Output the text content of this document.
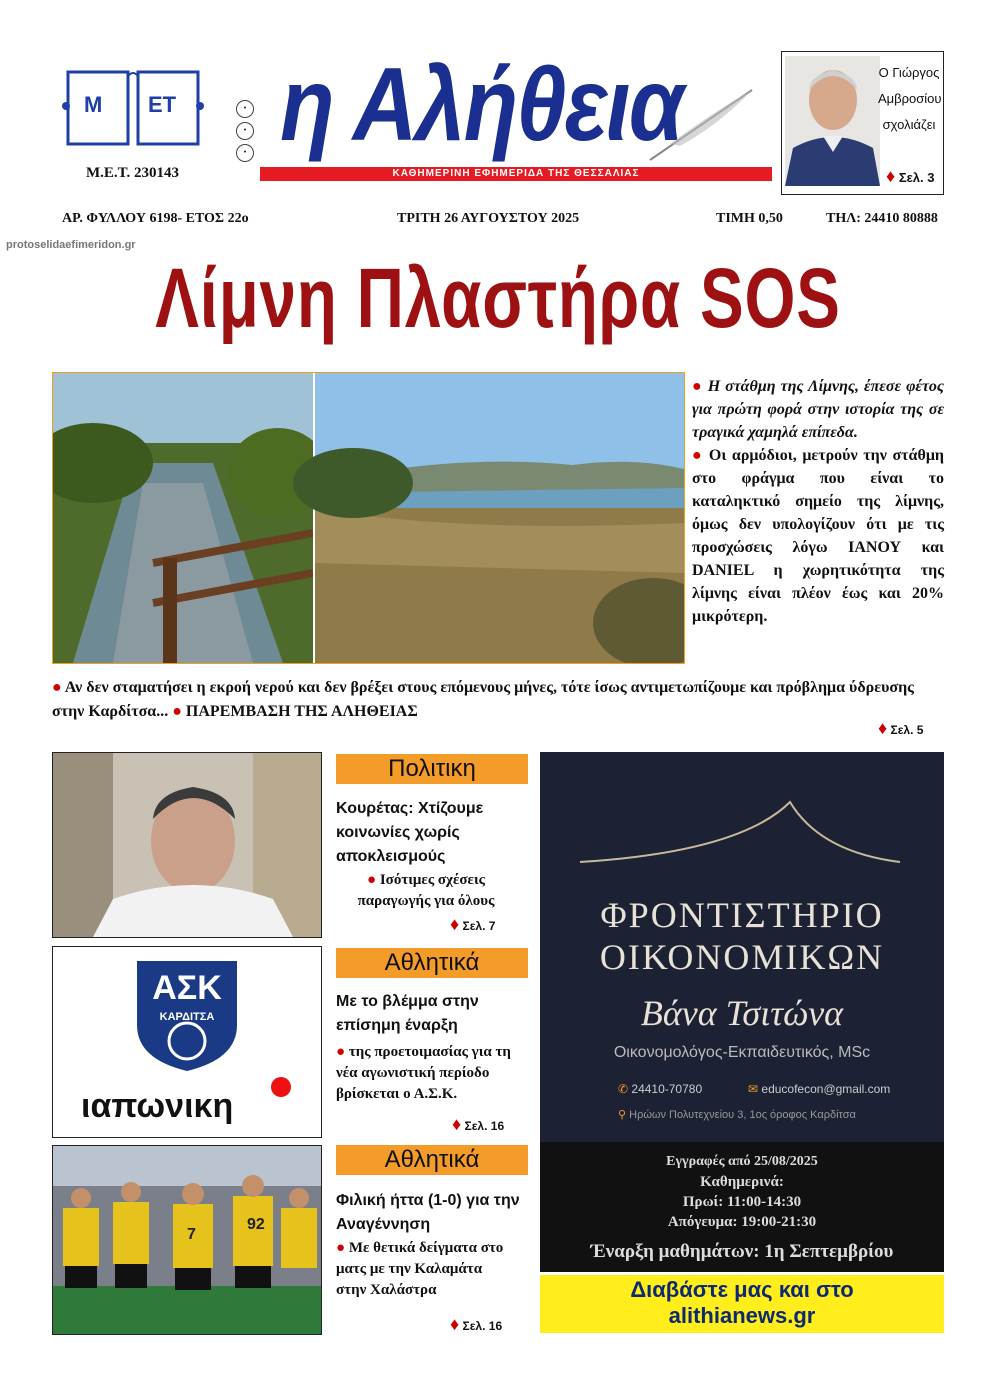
Μ ΕΤ
Μ.Ε.Τ. 230143
•
•
• η Αλήθεια
ΚΑΘΗΜΕΡΙΝΗ ΕΦΗΜΕΡΙΔΑ ΤΗΣ ΘΕΣΣΑΛΙΑΣ
Ο Γιώργος
Αμβροσίου
σχολιάζει
♦ Σελ. 3
ΑΡ. ΦΥΛΛΟΥ 6198- ΕΤΟΣ 22ο	ΤΡΙΤΗ 26 ΑΥΓΟΥΣΤΟΥ 2025	ΤΙΜΗ 0,50	ΤΗΛ: 24410 80888
protoselidaefimeridon.gr
Λίμνη Πλαστήρα SOS
● Η στάθμη της Λίμνης, έπεσε φέτος για πρώτη φορά στην ιστορία της σε τραγικά χαμηλά επίπεδα.
● Οι αρμόδιοι, μετρούν την στάθμη στο φράγμα που είναι το καταληκτικό σημείο της λίμνης, όμως δεν υπολογίζουν ότι με τις προσχώσεις λόγω ΙΑΝΟΥ και DANIEL η χωρητικότητα της λίμνης είναι πλέον έως και 20% μικρότερη.
● Αν δεν σταματήσει η εκροή νερού και δεν βρέξει στους επόμενους μήνες, τότε ίσως αντιμετωπίζουμε και πρόβλημα ύδρευσης στην Καρδίτσα... ● ΠΑΡΕΜΒΑΣΗ ΤΗΣ ΑΛΗΘΕΙΑΣ
♦ Σελ. 5
Πολιτικη
Κουρέτας: Χτίζουμε κοινωνίες χωρίς αποκλεισμούς
● Ισότιμες σχέσεις παραγωγής για όλους
♦ Σελ. 7
ΑΣΚ
ΚΑΡΔΙΤΣΑ
ιαπωνικη
Αθλητικά
Με το βλέμμα στην επίσημη έναρξη
● της προετοιμασίας για τη νέα αγωνιστική περίοδο βρίσκεται ο Α.Σ.Κ.
♦ Σελ. 16
92
7
Αθλητικά
Φιλική ήττα (1-0) για την Αναγέννηση
● Με θετικά δείγματα στο ματς με την Καλαμάτα στην Χαλάστρα
♦ Σελ. 16
ΦΡΟΝΤΙΣΤΗΡΙΟ
ΟΙΚΟΝΟΜΙΚΩΝ
Βάνα Τσιτώνα
Οικονομολόγος-Εκπαιδευτικός, MSc
✆ 24410-70780	✉ educofecon@gmail.com
⚲ Ηρώων Πολυτεχνείου 3, 1ος όροφος Καρδίτσα
Εγγραφές από 25/08/2025
Καθημερινά:
Πρωί: 11:00-14:30
Απόγευμα: 19:00-21:30
Έναρξη μαθημάτων: 1η Σεπτεμβρίου
Διαβάστε μας και στο
alithianews.gr
